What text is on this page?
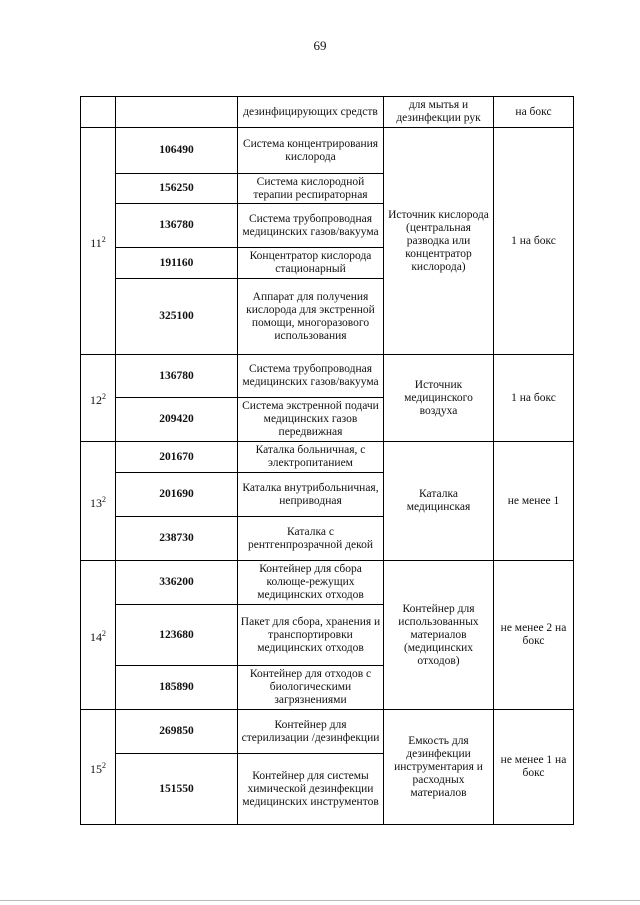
69
		дезинфицирующих средств	для мытья и дезинфекции рук	на бокс
$11^2$	106490	Система концентрирования кислорода	Источник кислорода (центральная разводка или концентратор кислорода)	1 на бокс
	156250	Система кислородной терапии респираторная		
	136780	Система трубопроводная медицинских газов/вакуума		
	191160	Концентратор кислорода стационарный		
	325100	Аппарат для получения кислорода для экстренной помощи, многоразового использования		
$12^2$	136780	Система трубопроводная медицинских газов/вакуума	Источник медицинского воздуха	1 на бокс
	209420	Система экстренной подачи медицинских газов передвижная		
$13^2$	201670	Каталка больничная, с электропитанием	Каталка медицинская	не менее 1
	201690	Каталка внутрибольничная, неприводная		
	238730	Каталка с рентгенпрозрачной декой		
$14^2$	336200	Контейнер для сбора колюще-режущих медицинских отходов	Контейнер для использованных материалов (медицинских отходов)	не менее 2 на бокс
	123680	Пакет для сбора, хранения и транспортировки медицинских отходов		
	185890	Контейнер для отходов с биологическими загрязнениями		
$15^2$	269850	Контейнер для стерилизации /дезинфекции	Емкость для дезинфекции инструментария и расходных материалов	не менее 1 на бокс
	151550	Контейнер для системы химической дезинфекции медицинских инструментов		
